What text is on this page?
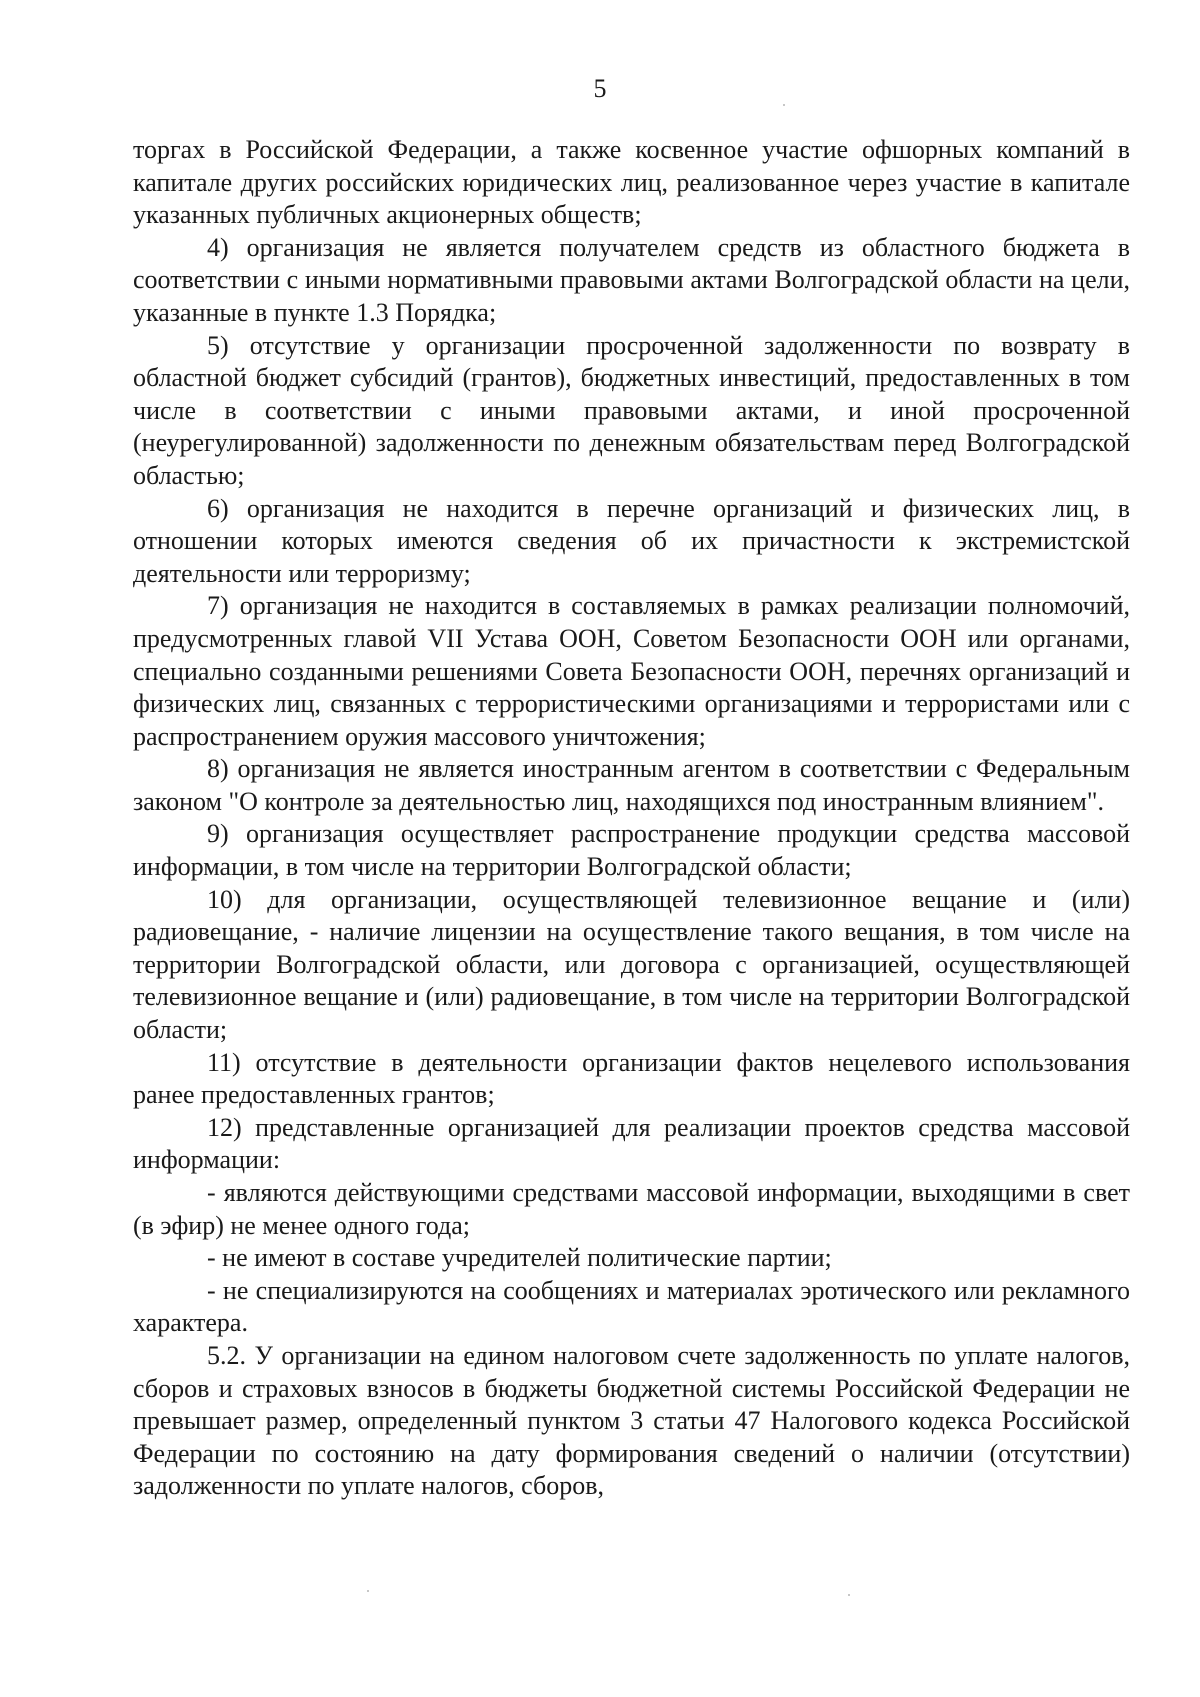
5

торгах в Российской Федерации, а также косвенное участие офшорных компаний в капитале других российских юридических лиц, реализованное через участие в капитале указанных публичных акционерных обществ;

4) организация не является получателем средств из областного бюджета в соответствии с иными нормативными правовыми актами Волгоградской области на цели, указанные в пункте 1.3 Порядка;

5) отсутствие у организации просроченной задолженности по возврату в областной бюджет субсидий (грантов), бюджетных инвестиций, предоставленных в том числе в соответствии с иными правовыми актами, и иной просроченной (неурегулированной) задолженности по денежным обязательствам перед Волгоградской областью;

6) организация не находится в перечне организаций и физических лиц, в отношении которых имеются сведения об их причастности к экстремистской деятельности или терроризму;

7) организация не находится в составляемых в рамках реализации полномочий, предусмотренных главой VII Устава ООН, Советом Безопасности ООН или органами, специально созданными решениями Совета Безопасности ООН, перечнях организаций и физических лиц, связанных с террористическими организациями и террористами или с распространением оружия массового уничтожения;

8) организация не является иностранным агентом в соответствии с Федеральным законом "О контроле за деятельностью лиц, находящихся под иностранным влиянием".

9) организация осуществляет распространение продукции средства массовой информации, в том числе на территории Волгоградской области;

10) для организации, осуществляющей телевизионное вещание и (или) радиовещание, - наличие лицензии на осуществление такого вещания, в том числе на территории Волгоградской области, или договора с организацией, осуществляющей телевизионное вещание и (или) радиовещание, в том числе на территории Волгоградской области;

11) отсутствие в деятельности организации фактов нецелевого использования ранее предоставленных грантов;

12) представленные организацией для реализации проектов средства массовой информации:

- являются действующими средствами массовой информации, выходящими в свет (в эфир) не менее одного года;

- не имеют в составе учредителей политические партии;

- не специализируются на сообщениях и материалах эротического или рекламного характера.

5.2. У организации на едином налоговом счете задолженность по уплате налогов, сборов и страховых взносов в бюджеты бюджетной системы Российской Федерации не превышает размер, определенный пунктом 3 статьи 47 Налогового кодекса Российской Федерации по состоянию на дату формирования сведений о наличии (отсутствии) задолженности по уплате налогов, сборов,
